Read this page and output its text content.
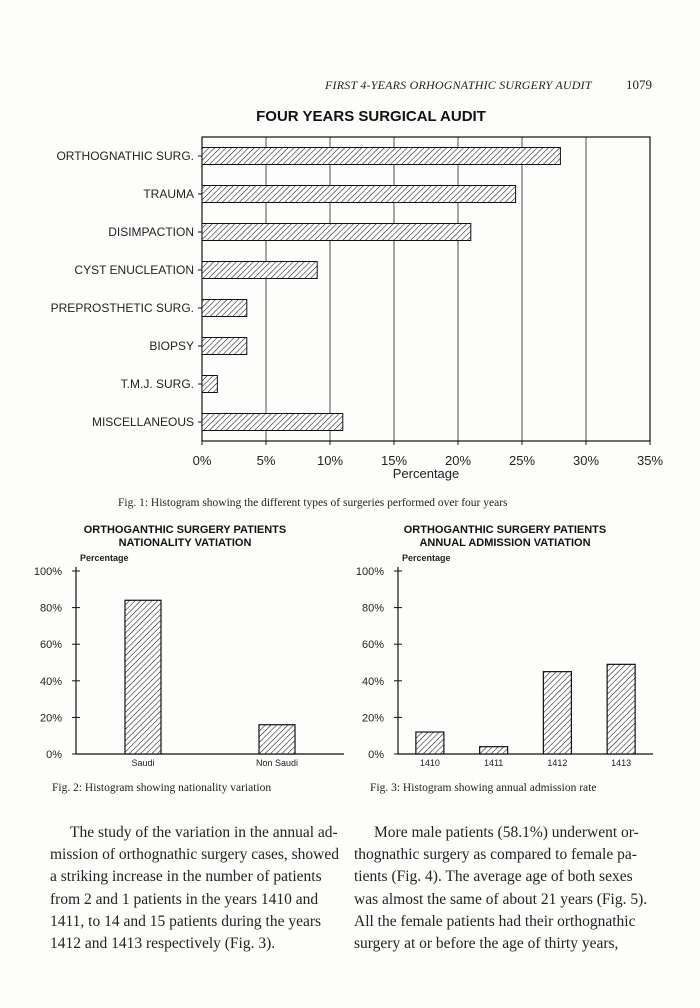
FIRST 4-YEARS ORHOGNATHIC SURGERY AUDIT	1079
FOUR YEARS SURGICAL AUDIT
ORTHOGNATHIC SURG.
TRAUMA
DISIMPACTION
CYST ENUCLEATION
PREPROSTHETIC SURG.
BIOPSY
T.M.J. SURG.
MISCELLANEOUS
0%	5%	10%	15%	20%	25%	30%	35%
Percentage
0%
20%
40%
60%
80%
100%
Percentage
Saudi	Non Saudi
0%
20%
40%
60%
80%
100%
Percentage
1410	1411	1412	1413
Fig. 1: Histogram showing the different types of surgeries performed over four years
ORTHOGANTHIC SURGERY PATIENTS
NATIONALITY VATIATION
ORTHOGANTHIC SURGERY PATIENTS
ANNUAL ADMISSION VATIATION
Fig. 2: Histogram showing nationality variation	Fig. 3: Histogram showing annual admission rate
The study of the variation in the annual ad-
mission of orthognathic surgery cases, showed
a striking increase in the number of patients
from 2 and 1 patients in the years 1410 and
1411, to 14 and 15 patients during the years
1412 and 1413 respectively (Fig. 3).
More male patients (58.1%) underwent or-
thognathic surgery as compared to female pa-
tients (Fig. 4). The average age of both sexes
was almost the same of about 21 years (Fig. 5).
All the female patients had their orthognathic
surgery at or before the age of thirty years,
